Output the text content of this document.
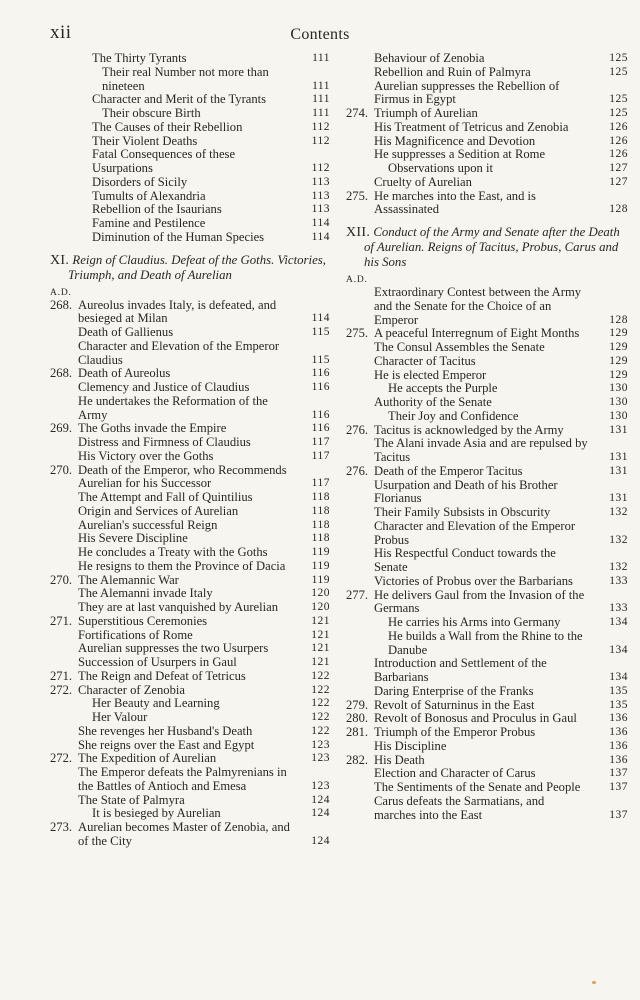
xii	Contents
The Thirty Tyrants	111
Their real Number not more than nineteen	111
Character and Merit of the Tyrants	111
Their obscure Birth	111
The Causes of their Rebellion	112
Their Violent Deaths	112
Fatal Consequences of these Usurpations	112
Disorders of Sicily	113
Tumults of Alexandria	113
Rebellion of the Isaurians	113
Famine and Pestilence	114
Diminution of the Human Species	114
XI. Reign of Claudius. Defeat of the Goths. Victories, Triumph, and Death of Aurelian
A.D.
268. Aureolus invades Italy, is defeated, and besieged at Milan	114
Death of Gallienus	115
Character and Elevation of the Emperor Claudius	115
268. Death of Aureolus	116
Clemency and Justice of Claudius	116
He undertakes the Reformation of the Army	116
269. The Goths invade the Empire	116
Distress and Firmness of Claudius	117
His Victory over the Goths	117
270. Death of the Emperor, who Recommends Aurelian for his Successor	117
The Attempt and Fall of Quintilius	118
Origin and Services of Aurelian	118
Aurelian's successful Reign	118
His Severe Discipline	118
He concludes a Treaty with the Goths	119
He resigns to them the Province of Dacia	119
270. The Alemannic War	119
The Alemanni invade Italy	120
They are at last vanquished by Aurelian	120
271. Superstitious Ceremonies	121
Fortifications of Rome	121
Aurelian suppresses the two Usurpers	121
Succession of Usurpers in Gaul	121
271. The Reign and Defeat of Tetricus	122
272. Character of Zenobia	122
Her Beauty and Learning	122
Her Valour	122
She revenges her Husband's Death	122
She reigns over the East and Egypt	123
272. The Expedition of Aurelian	123
The Emperor defeats the Palmyrenians in the Battles of Antioch and Emesa	123
The State of Palmyra	124
It is besieged by Aurelian	124
273. Aurelian becomes Master of Zenobia, and of the City	124
Behaviour of Zenobia	125
Rebellion and Ruin of Palmyra	125
Aurelian suppresses the Rebellion of Firmus in Egypt	125
274. Triumph of Aurelian	125
His Treatment of Tetricus and Zenobia	126
His Magnificence and Devotion	126
He suppresses a Sedition at Rome	126
Observations upon it	127
Cruelty of Aurelian	127
275. He marches into the East, and is Assassinated	128
XII. Conduct of the Army and Senate after the Death of Aurelian. Reigns of Tacitus, Probus, Carus and his Sons
A.D.
Extraordinary Contest between the Army and the Senate for the Choice of an Emperor	128
275. A peaceful Interregnum of Eight Months	129
The Consul Assembles the Senate	129
Character of Tacitus	129
He is elected Emperor	129
He accepts the Purple	130
Authority of the Senate	130
Their Joy and Confidence	130
276. Tacitus is acknowledged by the Army	131
The Alani invade Asia and are repulsed by Tacitus	131
276. Death of the Emperor Tacitus	131
Usurpation and Death of his Brother Florianus	131
Their Family Subsists in Obscurity	132
Character and Elevation of the Emperor Probus	132
His Respectful Conduct towards the Senate	132
Victories of Probus over the Barbarians	133
277. He delivers Gaul from the Invasion of the Germans	133
He carries his Arms into Germany	134
He builds a Wall from the Rhine to the Danube	134
Introduction and Settlement of the Barbarians	134
Daring Enterprise of the Franks	135
279. Revolt of Saturninus in the East	135
280. Revolt of Bonosus and Proculus in Gaul	136
281. Triumph of the Emperor Probus	136
His Discipline	136
282. His Death	136
Election and Character of Carus	137
The Sentiments of the Senate and People	137
Carus defeats the Sarmatians, and marches into the East	137
